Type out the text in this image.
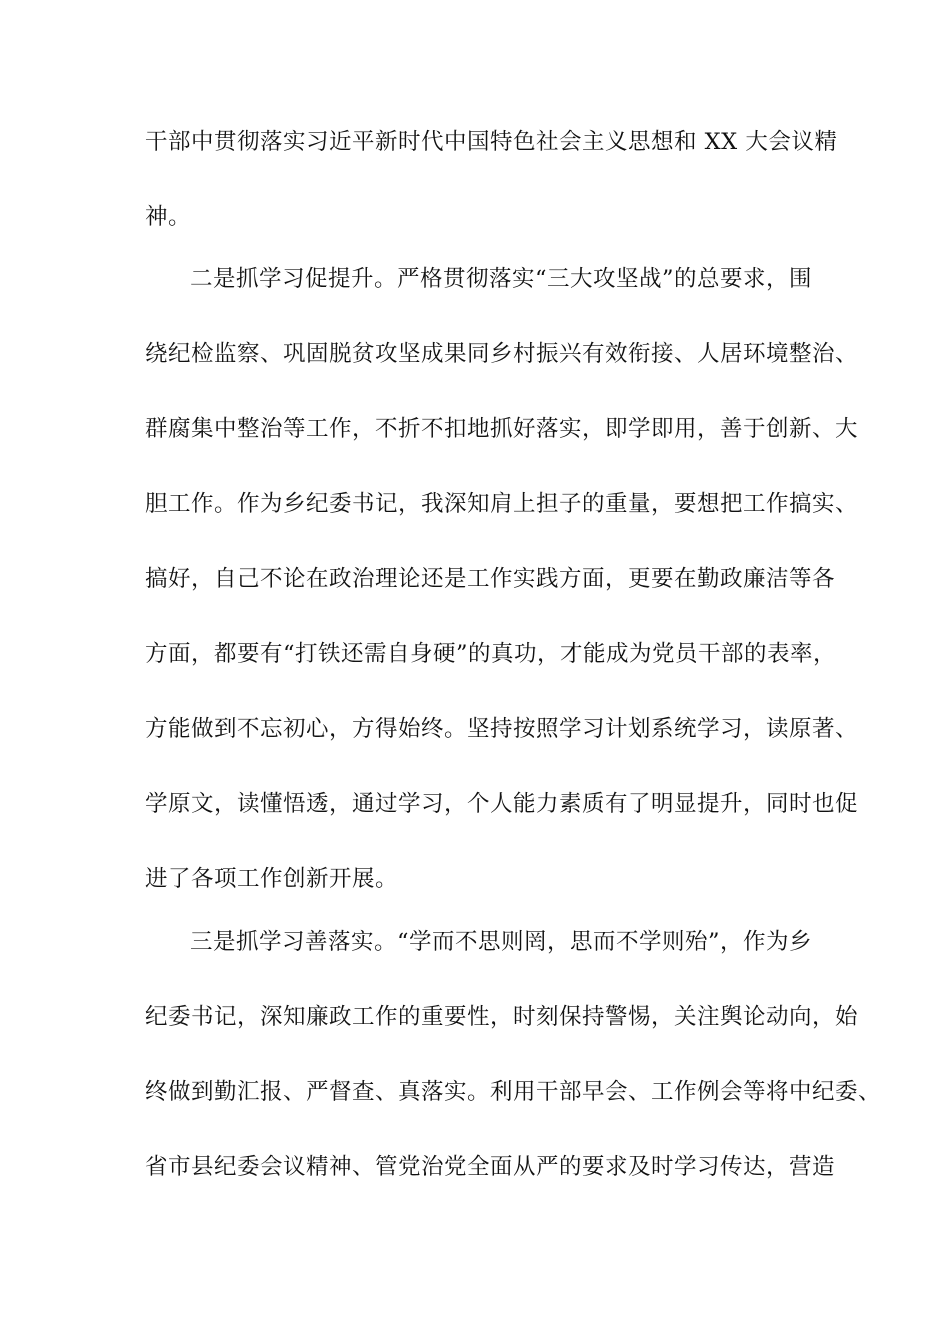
干部中贯彻落实习近平新时代中国特色社会主义思想和 XX 大会议精
神。
二是抓学习促提升。严格贯彻落实“三大攻坚战”的总要求，围
绕纪检监察、巩固脱贫攻坚成果同乡村振兴有效衔接、人居环境整治、
群腐集中整治等工作，不折不扣地抓好落实，即学即用，善于创新、大
胆工作。作为乡纪委书记，我深知肩上担子的重量，要想把工作搞实、
搞好，自己不论在政治理论还是工作实践方面，更要在勤政廉洁等各
方面，都要有“打铁还需自身硬”的真功，才能成为党员干部的表率，
方能做到不忘初心，方得始终。坚持按照学习计划系统学习，读原著、
学原文，读懂悟透，通过学习，个人能力素质有了明显提升，同时也促
进了各项工作创新开展。
三是抓学习善落实。“学而不思则罔，思而不学则殆”，作为乡
纪委书记，深知廉政工作的重要性，时刻保持警惕，关注舆论动向，始
终做到勤汇报、严督查、真落实。利用干部早会、工作例会等将中纪委、
省市县纪委会议精神、管党治党全面从严的要求及时学习传达，营造
